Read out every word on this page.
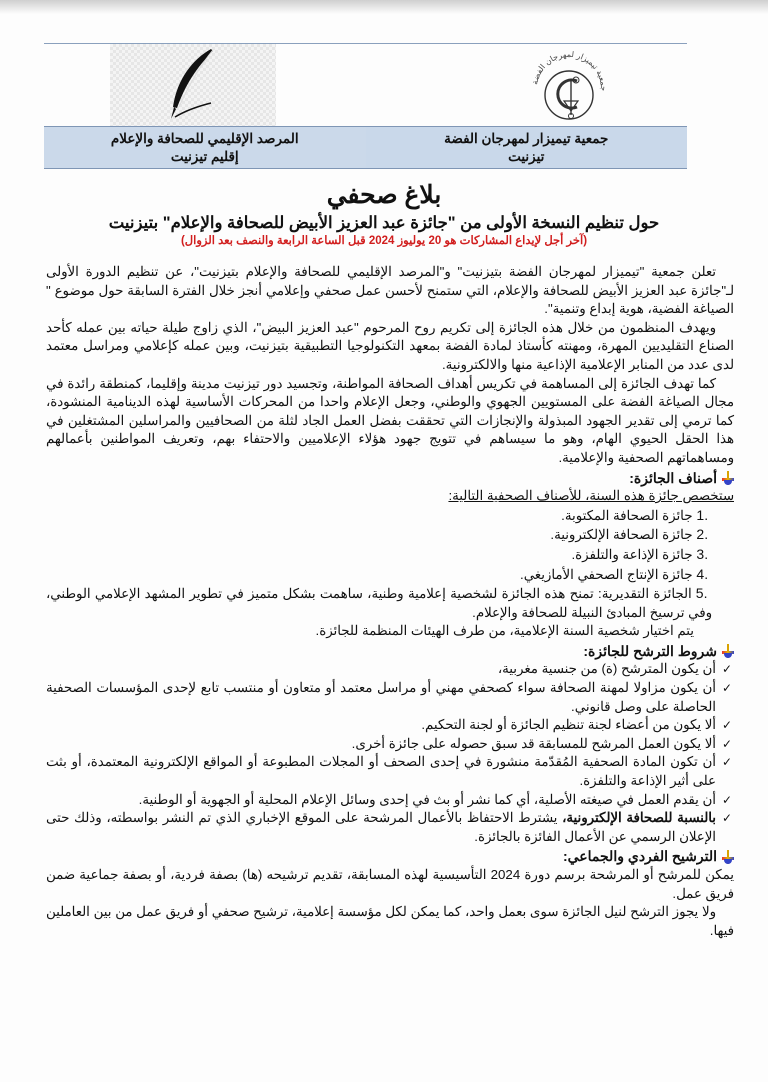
جمعية تيميزار لمهرجان الفضة
جمعية تيميزار لمهرجان الفضة
تيزنيت
المرصد الإقليمي للصحافة والإعلام
إقليم تيزنيت
بلاغ صحفي
حول تنظيم النسخة الأولى من "جائزة عبد العزيز الأبيض للصحافة والإعلام" بتيزنيت
(آخر أجل لإيداع المشاركات هو 20 يوليوز 2024 قبل الساعة الرابعة والنصف بعد الزوال)

تعلن جمعية "تيميزار لمهرجان الفضة بتيزنيت" و"المرصد الإقليمي للصحافة والإعلام بتيزنيت"، عن تنظيم الدورة الأولى لـ"جائزة عبد العزيز الأبيض للصحافة والإعلام، التي ستمنح لأحسن عمل صحفي وإعلامي أنجز خلال الفترة السابقة حول موضوع " الصياغة الفضية، هوية إبداع وتنمية".

ويهدف المنظمون من خلال هذه الجائزة إلى تكريم روح المرحوم "عبد العزيز البيض"، الذي زاوج طيلة حياته بين عمله كأحد الصناع التقليديين المهرة، ومهنته كأستاذ لمادة الفضة بمعهد التكنولوجيا التطبيقية بتيزنيت، وبين عمله كإعلامي ومراسل معتمد لدى عدد من المنابر الإعلامية الإذاعية منها والالكترونية.

كما تهدف الجائزة إلى المساهمة في تكريس أهداف الصحافة المواطنة، وتجسيد دور تيزنيت مدينة وإقليما، كمنطقة رائدة في مجال الصياغة الفضة على المستويين الجهوي والوطني، وجعل الإعلام واحدا من المحركات الأساسية لهذه الدينامية المنشودة، كما ترمي إلى تقدير الجهود المبذولة والإنجازات التي تحققت بفضل العمل الجاد لثلة من الصحافيين والمراسلين المشتغلين في هذا الحقل الحيوي الهام، وهو ما سيساهم في تتويج جهود هؤلاء الإعلاميين والاحتفاء بهم، وتعريف المواطنين بأعمالهم ومساهماتهم الصحفية والإعلامية.

أصناف الجائزة:
ستخصص جائزة هذه السنة، للأصناف الصحفية التالية:
جائزة الصحافة المكتوبة.
جائزة الصحافة الإلكترونية.
جائزة الإذاعة والتلفزة.
جائزة الإنتاج الصحفي الأمازيغي.
الجائزة التقديرية: تمنح هذه الجائزة لشخصية إعلامية وطنية، ساهمت بشكل متميز في تطوير المشهد الإعلامي الوطني، وفي ترسيخ المبادئ النبيلة للصحافة والإعلام.
يتم اختيار شخصية السنة الإعلامية، من طرف الهيئات المنظمة للجائزة.
شروط الترشح للجائزة:
✓
أن يكون المترشح (ة) من جنسية مغربية،
✓
أن يكون مزاولا لمهنة الصحافة سواء كصحفي مهني أو مراسل معتمد أو متعاون أو منتسب تابع لإحدى المؤسسات الصحفية الحاصلة على وصل قانوني.
✓
ألا يكون من أعضاء لجنة تنظيم الجائزة أو لجنة التحكيم.
✓
ألا يكون العمل المرشح للمسابقة قد سبق حصوله على جائزة أخرى.
✓
أن تكون المادة الصحفية المُقدّمة منشورة في إحدى الصحف أو المجلات المطبوعة أو المواقع الإلكترونية المعتمدة، أو بثت على أثير الإذاعة والتلفزة.
✓
أن يقدم العمل في صيغته الأصلية، أي كما نشر أو بث في إحدى وسائل الإعلام المحلية أو الجهوية أو الوطنية.
✓
بالنسبة للصحافة الإلكترونية، يشترط الاحتفاظ بالأعمال المرشحة على الموقع الإخباري الذي تم النشر بواسطته، وذلك حتى الإعلان الرسمي عن الأعمال الفائزة بالجائزة.
الترشيح الفردي والجماعي:

يمكن للمرشح أو المرشحة برسم دورة 2024 التأسيسية لهذه المسابقة، تقديم ترشيحه (ها) بصفة فردية، أو بصفة جماعية ضمن فريق عمل.

ولا يجوز الترشح لنيل الجائزة سوى بعمل واحد، كما يمكن لكل مؤسسة إعلامية، ترشيح صحفي أو فريق عمل من بين العاملين فيها.
